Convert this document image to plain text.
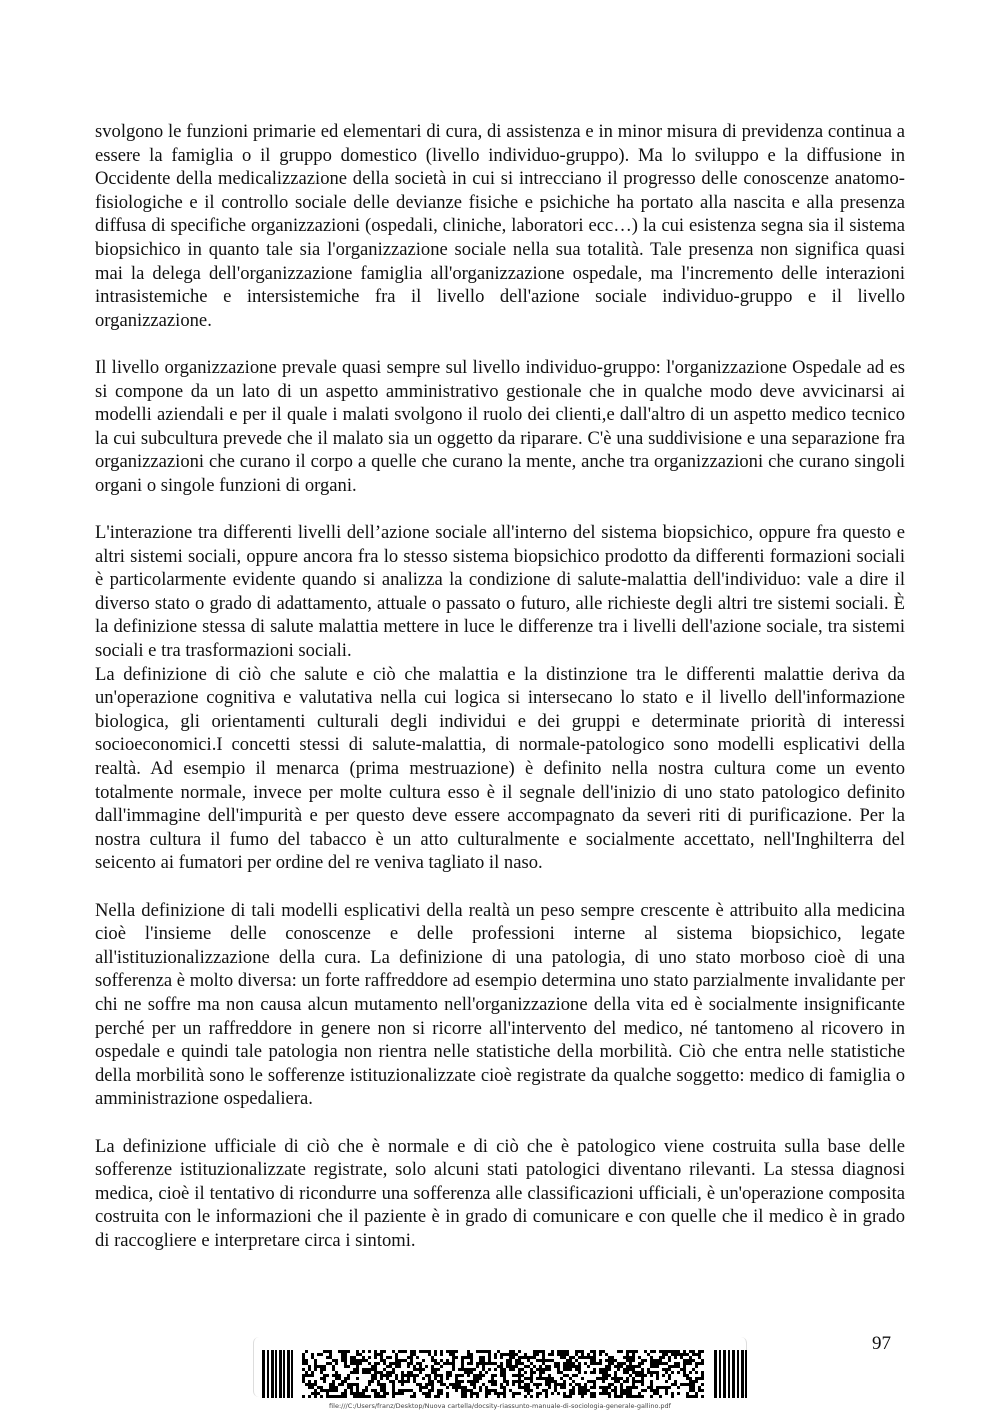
svolgono le funzioni primarie ed elementari di cura, di assistenza e in minor misura di previdenza continua a essere la famiglia o il gruppo domestico (livello individuo-gruppo). Ma lo sviluppo e la diffusione in Occidente della medicalizzazione della società in cui si intrecciano il progresso delle conoscenze anatomo-fisiologiche e il controllo sociale delle devianze fisiche e psichiche ha portato alla nascita e alla presenza diffusa di specifiche organizzazioni (ospedali, cliniche, laboratori ecc…) la cui esistenza segna sia il sistema biopsichico in quanto tale sia l'organizzazione sociale nella sua totalità. Tale presenza non significa quasi mai la delega dell'organizzazione famiglia all'organizzazione ospedale, ma l'incremento delle interazioni intrasistemiche e intersistemiche fra il livello dell'azione sociale individuo-gruppo e il livello organizzazione.

Il livello organizzazione prevale quasi sempre sul livello individuo-gruppo: l'organizzazione Ospedale ad es si compone da un lato di un aspetto amministrativo gestionale che in qualche modo deve avvicinarsi ai modelli aziendali e per il quale i malati svolgono il ruolo dei clienti,e dall'altro di un aspetto medico tecnico la cui subcultura prevede che il malato sia un oggetto da riparare. C'è una suddivisione e una separazione fra organizzazioni che curano il corpo a quelle che curano la mente, anche tra organizzazioni che curano singoli organi o singole funzioni di organi.

L'interazione tra differenti livelli dell’azione sociale all'interno del sistema biopsichico, oppure fra questo e altri sistemi sociali, oppure ancora fra lo stesso sistema biopsichico prodotto da differenti formazioni sociali è particolarmente evidente quando si analizza la condizione di salute-malattia dell'individuo: vale a dire il diverso stato o grado di adattamento, attuale o passato o futuro, alle richieste degli altri tre sistemi sociali. È la definizione stessa di salute malattia mettere in luce le differenze tra i livelli dell'azione sociale, tra sistemi sociali e tra trasformazioni sociali.

La definizione di ciò che salute e ciò che malattia e la distinzione tra le differenti malattie deriva da un'operazione cognitiva e valutativa nella cui logica si intersecano lo stato e il livello dell'informazione biologica, gli orientamenti culturali degli individui e dei gruppi e determinate priorità di interessi socioeconomici.I concetti stessi di salute-malattia, di normale-patologico sono modelli esplicativi della realtà. Ad esempio il menarca (prima mestruazione) è definito nella nostra cultura come un evento totalmente normale, invece per molte cultura esso è il segnale dell'inizio di uno stato patologico definito dall'immagine dell'impurità e per questo deve essere accompagnato da severi riti di purificazione. Per la nostra cultura il fumo del tabacco è un atto culturalmente e socialmente accettato, nell'Inghilterra del seicento ai fumatori per ordine del re veniva tagliato il naso.

Nella definizione di tali modelli esplicativi della realtà un peso sempre crescente è attribuito alla medicina cioè l'insieme delle conoscenze e delle professioni interne al sistema biopsichico, legate all'istituzionalizzazione della cura. La definizione di una patologia, di uno stato morboso cioè di una sofferenza è molto diversa: un forte raffreddore ad esempio determina uno stato parzialmente invalidante per chi ne soffre ma non causa alcun mutamento nell'organizzazione della vita ed è socialmente insignificante perché per un raffreddore in genere non si ricorre all'intervento del medico, né tantomeno al ricovero in ospedale e quindi tale patologia non rientra nelle statistiche della morbilità. Ciò che entra nelle statistiche della morbilità sono le sofferenze istituzionalizzate cioè registrate da qualche soggetto: medico di famiglia o amministrazione ospedaliera.

La definizione ufficiale di ciò che è normale e di ciò che è patologico viene costruita sulla base delle sofferenze istituzionalizzate registrate, solo alcuni stati patologici diventano rilevanti. La stessa diagnosi medica, cioè il tentativo di ricondurre una sofferenza alle classificazioni ufficiali, è un'operazione composita costruita con le informazioni che il paziente è in grado di comunicare e con quelle che il medico è in grado di raccogliere e interpretare circa i sintomi.

97
file:///C:/Users/franz/Desktop/Nuova cartella/docsity-riassunto-manuale-di-sociologia-generale-gallino.pdf
